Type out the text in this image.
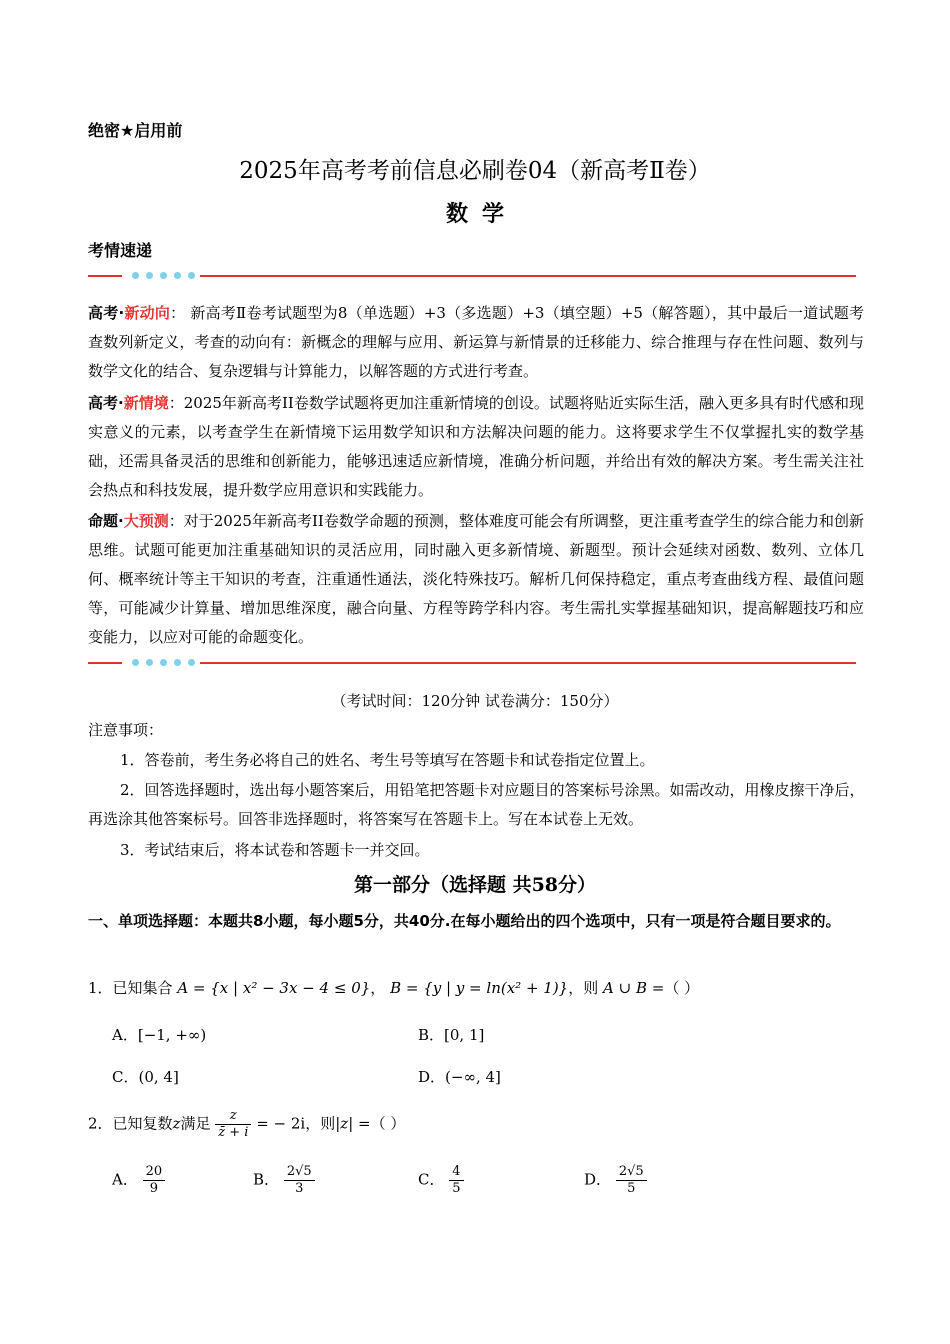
绝密★启用前
2025年高考考前信息必刷卷04（新高考Ⅱ卷）
数学
考情速递
高考·新动向： 新高考Ⅱ卷考试题型为8（单选题）+3（多选题）+3（填空题）+5（解答题），其中最后一道试题考查数列新定义，考查的动向有：新概念的理解与应用、新运算与新情景的迁移能力、综合推理与存在性问题、数列与数学文化的结合、复杂逻辑与计算能力，以解答题的方式进行考查。
高考·新情境：2025年新高考II卷数学试题将更加注重新情境的创设。试题将贴近实际生活，融入更多具有时代感和现实意义的元素，以考查学生在新情境下运用数学知识和方法解决问题的能力。这将要求学生不仅掌握扎实的数学基础，还需具备灵活的思维和创新能力，能够迅速适应新情境，准确分析问题，并给出有效的解决方案。考生需关注社会热点和科技发展，提升数学应用意识和实践能力。
命题·大预测：对于2025年新高考II卷数学命题的预测，整体难度可能会有所调整，更注重考查学生的综合能力和创新思维。试题可能更加注重基础知识的灵活应用，同时融入更多新情境、新题型。预计会延续对函数、数列、立体几何、概率统计等主干知识的考查，注重通性通法，淡化特殊技巧。解析几何保持稳定，重点考查曲线方程、最值问题等，可能减少计算量、增加思维深度，融合向量、方程等跨学科内容。考生需扎实掌握基础知识，提高解题技巧和应变能力，以应对可能的命题变化。
（考试时间：120分钟 试卷满分：150分）
注意事项：
1．答卷前，考生务必将自己的姓名、考生号等填写在答题卡和试卷指定位置上。
2．回答选择题时，选出每小题答案后，用铅笔把答题卡对应题目的答案标号涂黑。如需改动，用橡皮擦干净后，再选涂其他答案标号。回答非选择题时，将答案写在答题卡上。写在本试卷上无效。
3．考试结束后，将本试卷和答题卡一并交回。
第一部分（选择题 共58分）
一、单项选择题：本题共8小题，每小题5分，共40分.在每小题给出的四个选项中，只有一项是符合题目要求的。
1．已知集合 A = {x | x² − 3x − 4 ≤ 0}， B = {y | y = ln(x² + 1)}，则 A ∪ B =（ ）
A．[−1, +∞)	B．[0, 1]
C．(0, 4]	D．(−∞, 4]
2．已知复数z满足 $\frac{z}{z̄ + i}$ = − 2i，则|z| =（ ）
A． $\frac{20}{9}$	B． $\frac{2√5}{3}$	C． $\frac{4}{5}$	D． $\frac{2√5}{5}$
